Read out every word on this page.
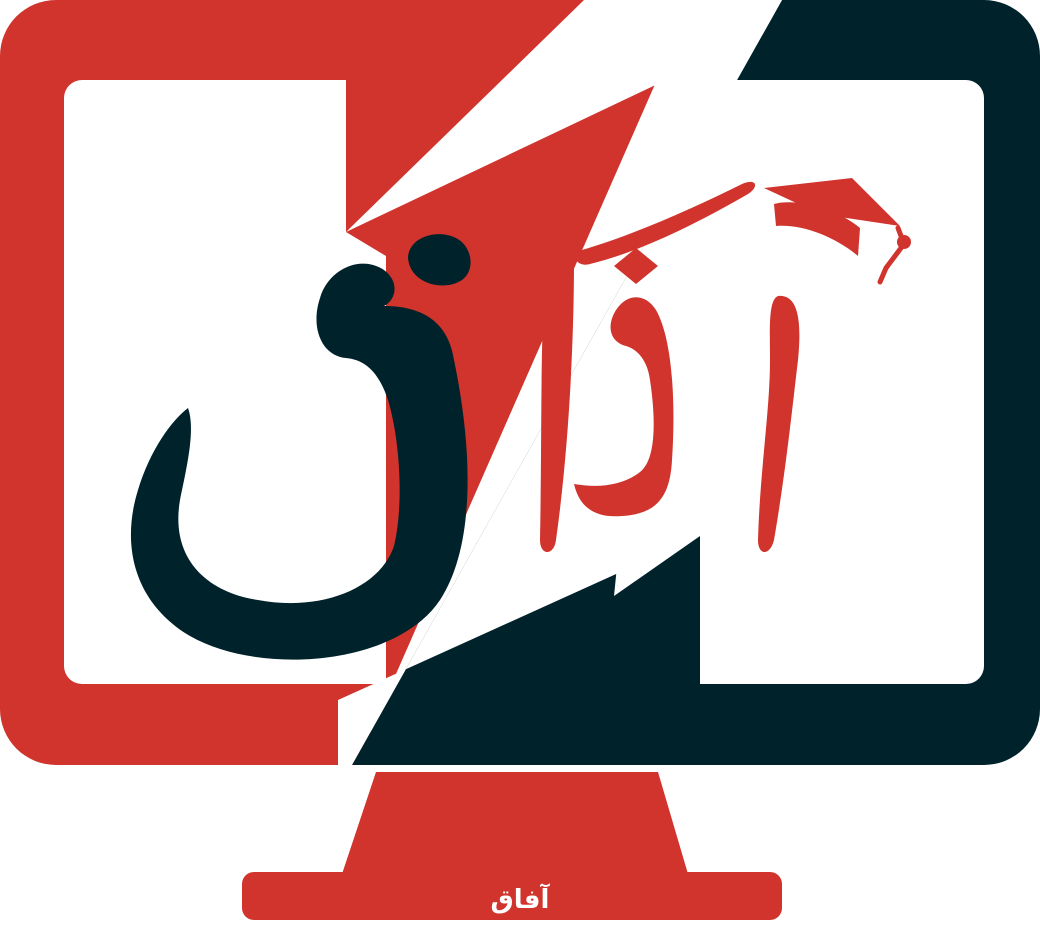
آفاق
